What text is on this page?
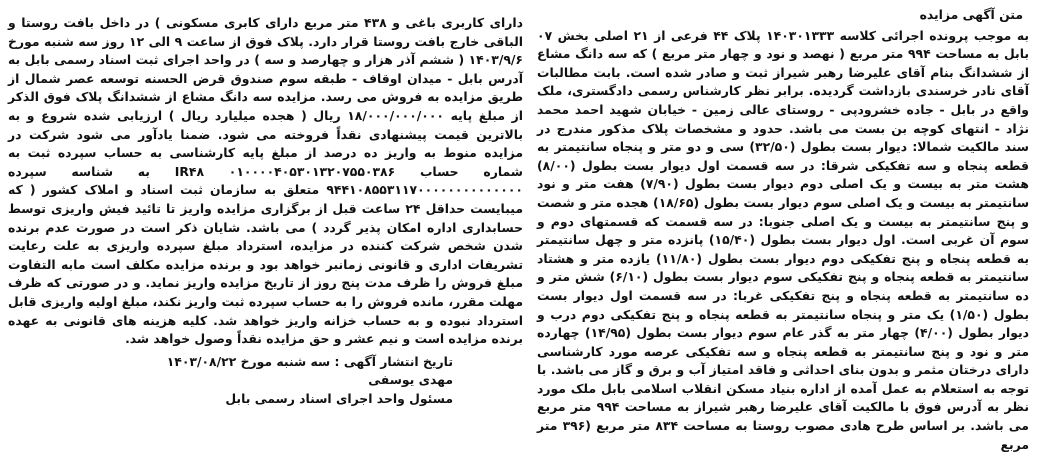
متن آگهی مزایده

به موجب پرونده اجرائی کلاسه ۱۴۰۳۰۱۳۳۳ پلاک ۴۴ فرعی از ۲۱ اصلی بخش ۰۷ بابل به مساحت ۹۹۴ متر مربع ( نهصد و نود و چهار متر مربع ) که سه دانگ مشاع از ششدانگ بنام آقای علیرضا رهبر شیراز ثبت و صادر شده است. بابت مطالبات آقای نادر خرسندی بازداشت گردیده. برابر نظر کارشناس رسمی دادگستری، ملک واقع در بابل - جاده خشرودپی - روستای عالی زمین - خیابان شهید احمد محمد نژاد - انتهای کوچه بن بست می باشد. حدود و مشخصات پلاک مذکور مندرج در سند مالکیت شمالا: دیوار بست بطول (۳۲/۵۰) سی و دو متر و پنجاه سانتیمتر به قطعه پنجاه و سه تفکیکی شرقا: در سه قسمت اول دیوار بست بطول (۸/۰۰) هشت متر به بیست و یک اصلی دوم دیوار بست بطول (۷/۹۰) هفت متر و نود سانتیمتر به بیست و یک اصلی سوم دیوار بست بطول (۱۸/۶۵) هجده متر و شصت و پنج سانتیمتر به بیست و یک اصلی جنوبا: در سه قسمت که قسمتهای دوم و سوم آن غربی است. اول دیوار بست بطول (۱۵/۴۰) پانزده متر و چهل سانتیمتر به قطعه پنجاه و پنج تفکیکی دوم دیوار بست بطول (۱۱/۸۰) یازده متر و هشتاد سانتیمتر به قطعه پنجاه و پنج تفکیکی سوم دیوار بست بطول (۶/۱۰) شش متر و ده سانتیمتر به قطعه پنجاه و پنج تفکیکی غربا: در سه قسمت اول دیوار بست بطول (۱/۵۰) یک متر و پنجاه سانتیمتر به قطعه پنجاه و پنج تفکیکی دوم درب و دیوار بطول (۴/۰۰) چهار متر به گذر عام سوم دیوار بست بطول (۱۴/۹۵) چهارده متر و نود و پنج سانتیمتر به قطعه پنجاه و سه تفکیکی عرصه مورد کارشناسی دارای درختان مثمر و بدون بنای احداثی و فاقد امتیاز آب و برق و گاز می باشد. با توجه به استعلام به عمل آمده از اداره بنیاد مسکن انقلاب اسلامی بابل ملک مورد نظر به آدرس فوق با مالکیت آقای علیرضا رهبر شیراز به مساحت ۹۹۴ متر مربع می باشد. بر اساس طرح هادی مصوب روستا به مساحت ۸۳۴ متر مربع (۳۹۶ متر مربع

دارای کاربری باغی و ۴۳۸ متر مربع دارای کابری مسکونی ) در داخل بافت روستا و الباقی خارج بافت روستا قرار دارد. پلاک فوق از ساعت ۹ الی ۱۲ روز سه شنبه مورخ ۱۴۰۳/۹/۶ ( ششم آذر هزار و چهارصد و سه ) در واحد اجرای ثبت اسناد رسمی بابل به آدرس بابل - میدان اوقاف - طبقه سوم صندوق قرض الحسنه توسعه عصر شمال از طریق مزایده به فروش می رسد. مزایده سه دانگ مشاع از ششدانگ پلاک فوق الذکر از مبلغ پایه ۱۸/۰۰۰/۰۰۰/۰۰۰ ریال ( هجده میلیارد ریال ) ارزیابی شده شروع و به بالاترین قیمت پیشنهادی نقداً فروخته می شود. ضمنا یادآور می شود شرکت در مزایده منوط به واریز ده درصد از مبلغ پایه کارشناسی به حساب سپرده ثبت به شماره حساب ۰۱۰۰۰۰۴۰۵۳۰۱۳۲۰۷۵۵۰۳۸۶ IR۴۸ به شناسه سپرده ۹۴۴۱۰۸۵۵۳۱۱۷۰۰۰۰۰۰۰۰۰۰۰۰۰۰ متعلق به سازمان ثبت اسناد و املاک کشور ( که میبایست حداقل ۲۴ ساعت قبل از برگزاری مزایده واریز تا تائید فیش واریزی توسط حسابداری اداره امکان پذیر گردد ) می باشد. شایان ذکر است در صورت عدم برنده شدن شخص شرکت کننده در مزایده، استرداد مبلغ سپرده واریزی به علت رعایت تشریفات اداری و قانونی زمانبر خواهد بود و برنده مزایده مکلف است مابه التفاوت مبلغ فروش را ظرف مدت پنج روز از تاریخ مزایده واریز نماید. و در صورتی که ظرف مهلت مقرر، مانده فروش را به حساب سپرده ثبت واریز نکند، مبلغ اولیه واریزی قابل استرداد نبوده و به حساب خزانه واریز خواهد شد. کلیه هزینه های قانونی به عهده برنده مزایده است و نیم عشر و حق مزایده نقداً وصول خواهد شد.

تاریخ انتشار آگهی : سه شنبه مورخ ۱۴۰۳/۰۸/۲۲
مهدی یوسفی
مسئول واحد اجرای اسناد رسمی بابل
